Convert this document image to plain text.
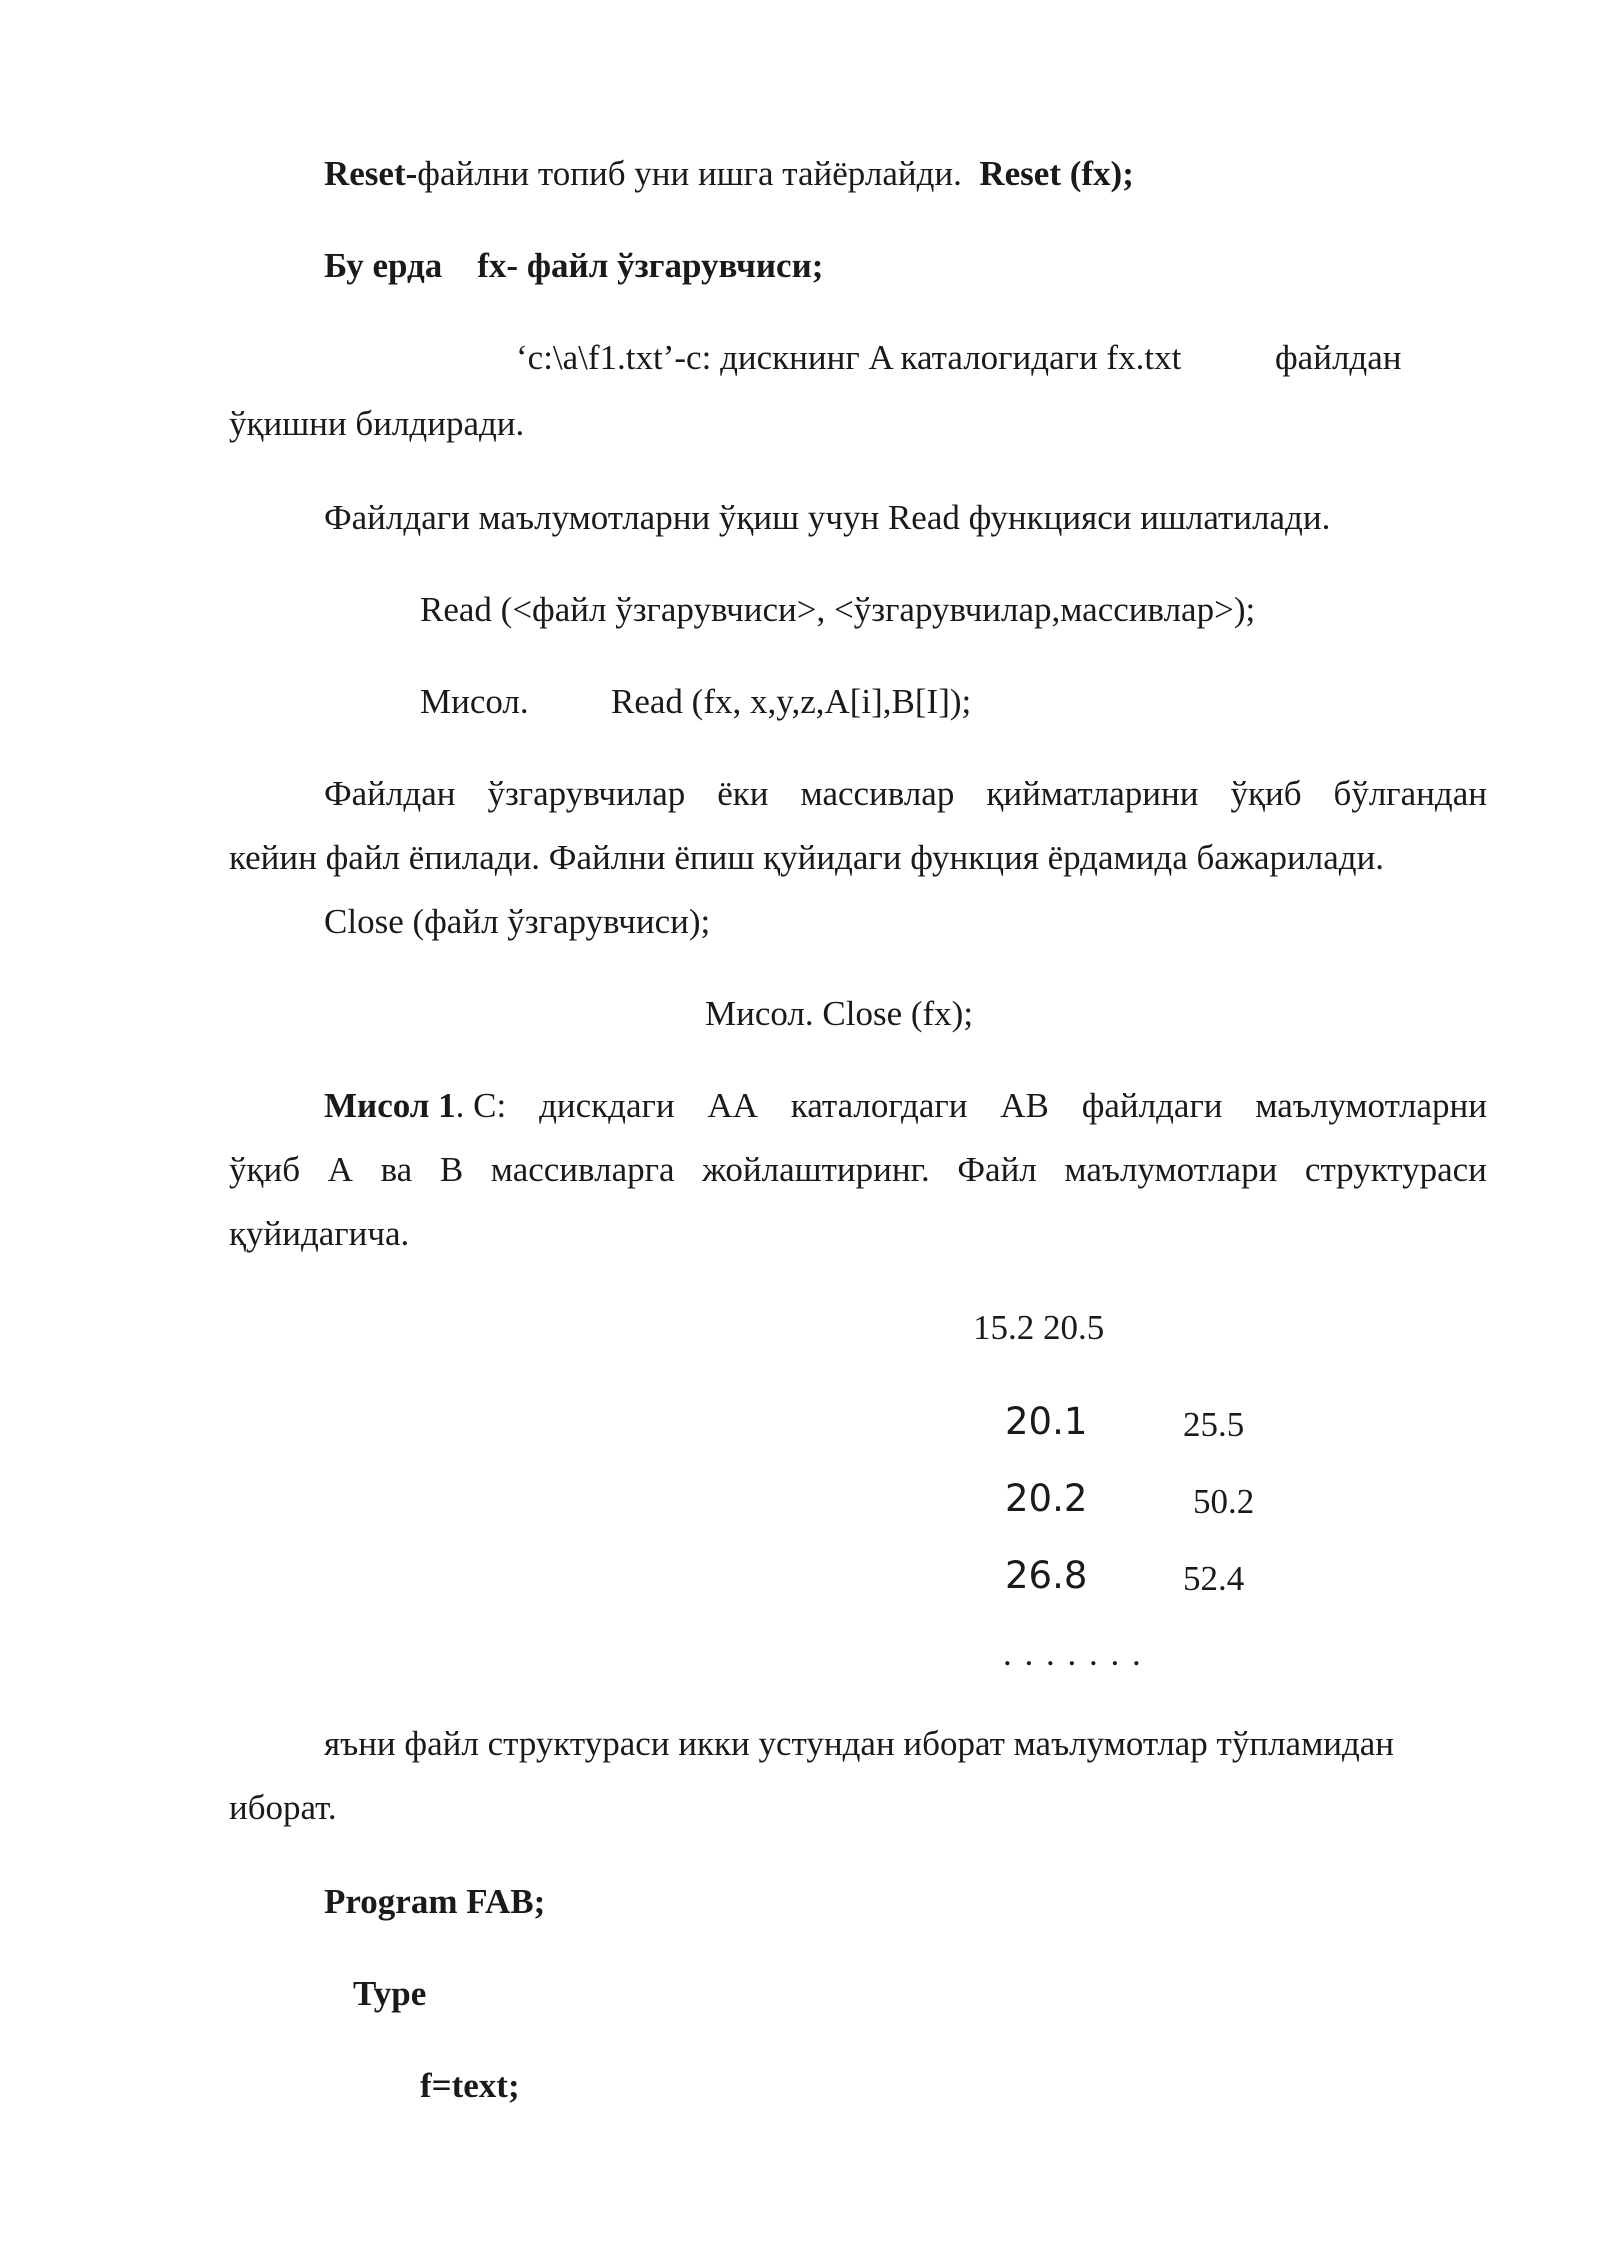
Reset-файлни топиб уни ишга тайёрлайди. Reset (fx);
Бу ерда fx- файл ўзгарувчиси;
‘c:\a\f1.txt’-c: дискнинг A каталогидаги fx.txt	файлдан
ўқишни билдиради.
Файлдаги маълумотларни ўқиш учун Read функцияси ишлатилади.
Read (<файл ўзгарувчиси>, <ўзгарувчилар,массивлар>);
Мисол. Read (fx, x,y,z,A[i],B[I]);
Файлдан ўзгарувчилар ёки массивлар қийматларини ўқиб бўлгандан
кейин файл ёпилади. Файлни ёпиш қуйидаги функция ёрдамида бажарилади.
Close (файл ўзгарувчиси);
Мисол. Close (fx);
Мисол 1. C: дискдаги AA каталогдаги AB файлдаги маълумотларни
ўқиб A ва B массивларга жойлаштиринг. Файл маълумотлари структураси
қуйидагича.
15.2 20.5
20.1	25.5
20.2	50.2
26.8	52.4
. . . . . . .
яъни файл структураси икки устундан иборат маълумотлар тўпламидан
иборат.
Program FAB;
Type
f=text;
